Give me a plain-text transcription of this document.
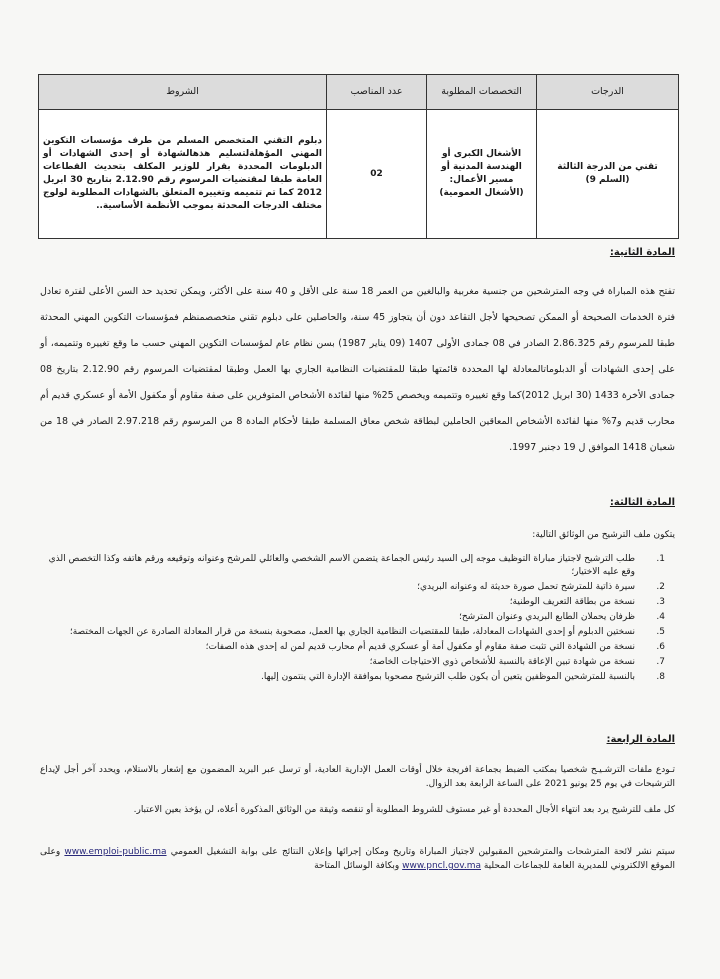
الدرجات	التخصصات المطلوبة	عدد المناصب	الشروط
تقني من الدرجة الثالثة (السلم 9)	الأشغال الكبرى أو الهندسة المدنية أو مسير الأعمال: (الأشغال العمومية)	02	دبلوم التقني المتخصص المسلم من طرف مؤسسات التكوين المهني المؤهلةلتسليم هذهالشهادة أو إحدى الشهادات أو الدبلومات المحددة بقرار للوزير المكلف بتحديث القطاعات العامة طبقا لمقتضيات المرسوم رقم 2.12.90 بتاريخ 30 ابريل 2012 كما تم تتميمه وتغييره المتعلق بالشهادات المطلوبة لولوج مختلف الدرجات المحدثة بموجب الأنظمة الأساسية..
المادة الثانية:
تفتح هذه المباراة في وجه المترشحين من جنسية مغربية والبالغين من العمر 18 سنة على الأقل و 40 سنة على الأكثر، ويمكن تحديد حد السن الأعلى لفترة تعادل فترة الخدمات الصحيحة أو الممكن تصحيحها لأجل التقاعد دون أن يتجاوز 45 سنة، والحاصلين على دبلوم تقني متخصصمنظم فمؤسسات التكوين المهني المحدثة طبقا للمرسوم رقم 2.86.325 الصادر في 08 جمادى الأولى 1407 (09 يناير 1987) بسن نظام عام لمؤسسات التكوين المهني حسب ما وقع تغييره وتتميمه، أو على إحدى الشهادات أو الدبلوماتالمعادلة لها المحددة قائمتها طبقا للمقتضيات النظامية الجاري بها العمل وطبقا لمقتضيات المرسوم رقم 2.12.90 بتاريخ 08 جمادى الأخرة 1433 (30 ابريل 2012)كما وقع تغييره وتتميمه ويخصص 25% منها لفائدة الأشخاص المتوفرين على صفة مقاوم أو مكفول الأمة أو عسكري قديم أم محارب قديم و7% منها لفائدة الأشخاص المعاقين الحاملين لبطاقة شخص معاق المسلمة طبقا لأحكام المادة 8 من المرسوم رقم 2.97.218 الصادر في 18 من شعبان 1418 الموافق ل 19 دجنبر 1997.
المادة الثالثة:
يتكون ملف الترشيح من الوثائق التالية:
1.
طلب الترشيح لاجتياز مباراة التوظيف موجه إلى السيد رئيس الجماعة يتضمن الاسم الشخصي والعائلي للمرشح وعنوانه وتوقيعه ورقم هاتفه وكذا التخصص الذي وقع عليه الاختيار؛
2.
سيرة ذاتية للمترشح تحمل صورة حديثة له وعنوانه البريدي؛
3.
نسخة من بطاقة التعريف الوطنية؛
4.
ظرفان يحملان الطابع البريدي وعنوان المترشح؛
5.
نسختين الدبلوم أو إحدى الشهادات المعادلة، طبقا للمقتضيات النظامية الجاري بها العمل، مصحوبة بنسخة من قرار المعادلة الصادرة عن الجهات المختصة؛
6.
نسخة من الشهادة التي تثبت صفة مقاوم أو مكفول أمة أو عسكري قديم أم محارب قديم لمن له إحدى هذه الصفات؛
7.
نسخة من شهادة تبين الإعاقة بالنسبة للأشخاص ذوي الاحتياجات الخاصة؛
8.
بالنسبة للمترشحين الموظفين يتعين أن يكون طلب الترشيح مصحوبا بموافقة الإدارة التي ينتمون إليها.
المادة الرابعة:
تـودع ملفات الترشـيـح شخصيا بمكتب الضبط بجماعة افريجة خلال أوقات العمل الإدارية العادية، أو ترسل عبر البريد المضمون مع إشعار بالاستلام، ويحدد آخر أجل لإيداع الترشيحات في يوم 25 يونيو 2021 على الساعة الرابعة بعد الزوال.
كل ملف للترشيح يرد بعد انتهاء الأجال المحددة أو غير مستوف للشروط المطلوبة أو تنقصه وثيقة من الوثائق المذكورة أعلاه، لن يؤخذ بعين الاعتبار.
سيتم نشر لائحة المترشحات والمترشحين المقبولين لاجتياز المباراة وتاريخ ومكان إجرائها وإعلان النتائج على بوابة التشغيل العمومي www.emploi-public.ma وعلى الموقع الالكتروني للمديرية العامة للجماعات المحلية www.pncl.gov.ma وبكافة الوسائل المتاحة
